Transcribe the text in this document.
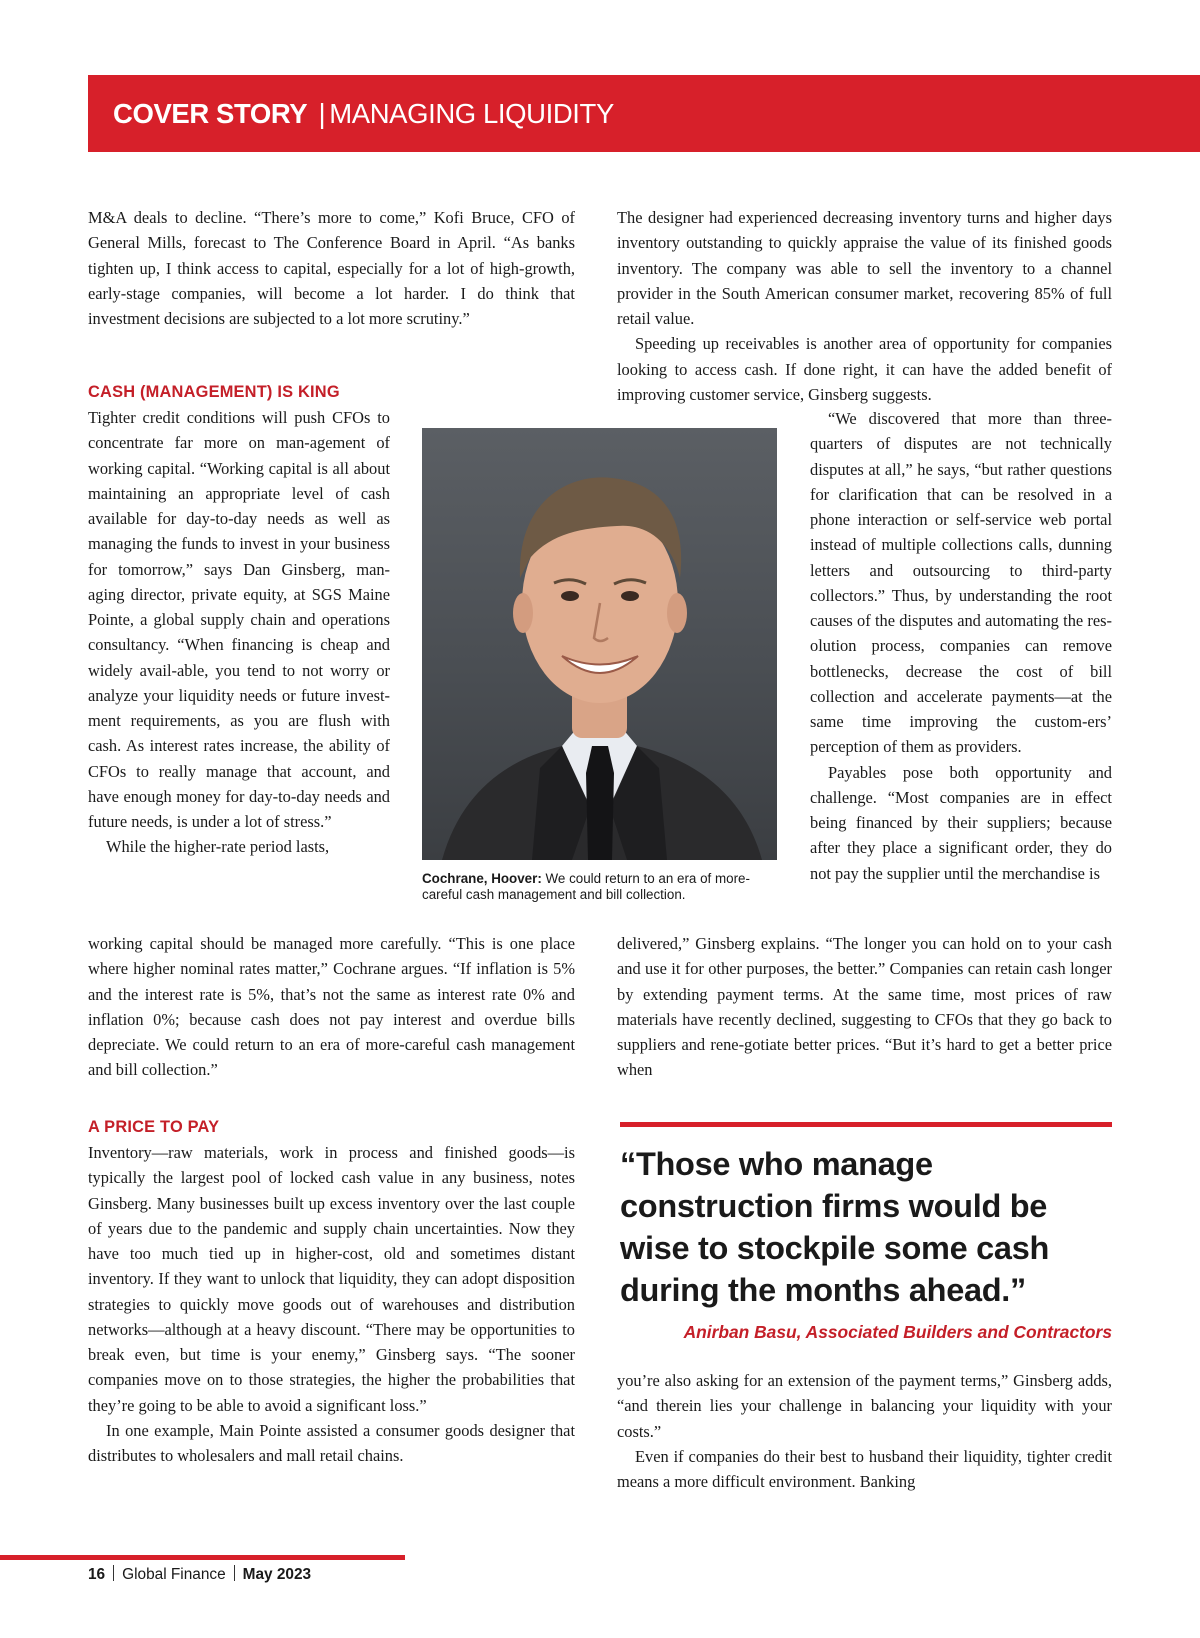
COVER STORY | MANAGING LIQUIDITY

M&A deals to decline. “There’s more to come,” Kofi Bruce, CFO of General Mills, forecast to The Conference Board in April. “As banks tighten up, I think access to capital, especially for a lot of high-growth, early-stage companies, will become a lot harder. I do think that investment decisions are subjected to a lot more scrutiny.”

CASH (MANAGEMENT) IS KING

Tighter credit conditions will push CFOs to concentrate far more on man-agement of working capital. “Working capital is all about maintaining an appropriate level of cash available for day-to-day needs as well as managing the funds to invest in your business for tomorrow,” says Dan Ginsberg, man-aging director, private equity, at SGS Maine Pointe, a global supply chain and operations consultancy. “When financing is cheap and widely avail-able, you tend to not worry or analyze your liquidity needs or future invest-ment requirements, as you are flush with cash. As interest rates increase, the ability of CFOs to really manage that account, and have enough money for day-to-day needs and future needs, is under a lot of stress.”

While the higher-rate period lasts,

working capital should be managed more carefully. “This is one place where higher nominal rates matter,” Cochrane argues. “If inflation is 5% and the interest rate is 5%, that’s not the same as interest rate 0% and inflation 0%; because cash does not pay interest and overdue bills depreciate. We could return to an era of more-careful cash management and bill collection.”

A PRICE TO PAY

Inventory—raw materials, work in process and finished goods—is typically the largest pool of locked cash value in any business, notes Ginsberg. Many businesses built up excess inventory over the last couple of years due to the pandemic and supply chain uncertainties. Now they have too much tied up in higher-cost, old and sometimes distant inventory. If they want to unlock that liquidity, they can adopt disposition strategies to quickly move goods out of warehouses and distribution networks—although at a heavy discount. “There may be opportunities to break even, but time is your enemy,” Ginsberg says. “The sooner companies move on to those strategies, the higher the probabilities that they’re going to be able to avoid a significant loss.”

In one example, Main Pointe assisted a consumer goods designer that distributes to wholesalers and mall retail chains.

The designer had experienced decreasing inventory turns and higher days inventory outstanding to quickly appraise the value of its finished goods inventory. The company was able to sell the inventory to a channel provider in the South American consumer market, recovering 85% of full retail value.

Speeding up receivables is another area of opportunity for companies looking to access cash. If done right, it can have the added benefit of improving customer service, Ginsberg suggests.

“We discovered that more than three-quarters of disputes are not technically disputes at all,” he says, “but rather questions for clarification that can be resolved in a phone interaction or self-service web portal instead of multiple collections calls, dunning letters and outsourcing to third-party collectors.” Thus, by understanding the root causes of the disputes and automating the res-olution process, companies can remove bottlenecks, decrease the cost of bill collection and accelerate payments—at the same time improving the custom-ers’ perception of them as providers.

Payables pose both opportunity and challenge. “Most companies are in effect being financed by their suppliers; because after they place a significant order, they do not pay the supplier until the merchandise is

delivered,” Ginsberg explains. “The longer you can hold on to your cash and use it for other purposes, the better.” Companies can retain cash longer by extending payment terms. At the same time, most prices of raw materials have recently declined, suggesting to CFOs that they go back to suppliers and rene-gotiate better prices. “But it’s hard to get a better price when

Cochrane, Hoover: We could return to an era of more-careful cash management and bill collection.
“Those who manage construction firms would be wise to stockpile some cash during the months ahead.”
Anirban Basu, Associated Builders and Contractors

you’re also asking for an extension of the payment terms,” Ginsberg adds, “and therein lies your challenge in balancing your liquidity with your costs.”

Even if companies do their best to husband their liquidity, tighter credit means a more difficult environment. Banking

16 Global Finance May 2023
